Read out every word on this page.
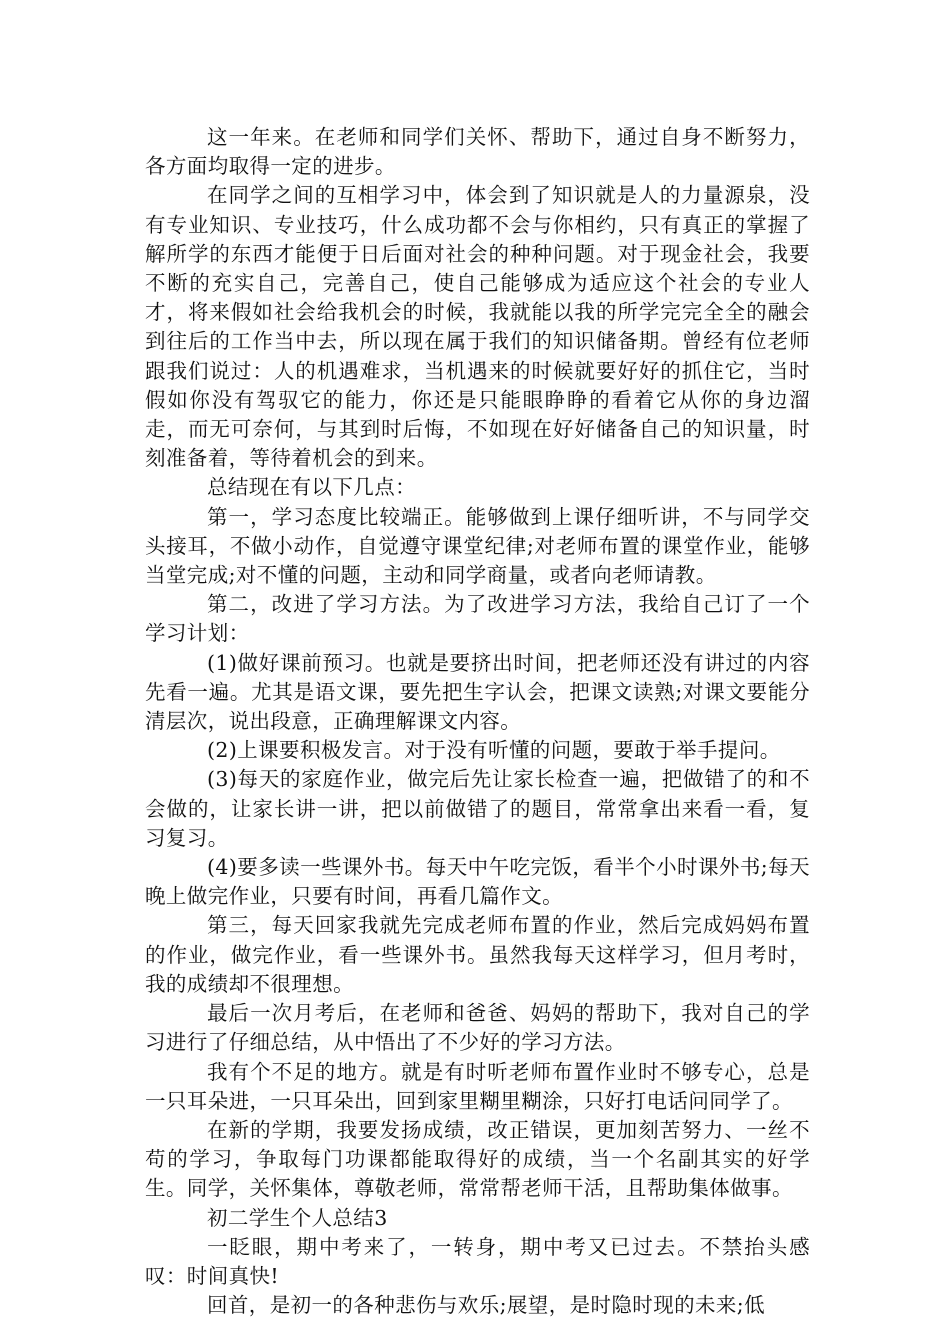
这一年来。在老师和同学们关怀、帮助下，通过自身不断努力，各方面均取得一定的进步。

在同学之间的互相学习中，体会到了知识就是人的力量源泉，没有专业知识、专业技巧，什么成功都不会与你相约，只有真正的掌握了解所学的东西才能便于日后面对社会的种种问题。对于现金社会，我要不断的充实自己，完善自己，使自己能够成为适应这个社会的专业人才，将来假如社会给我机会的时候，我就能以我的所学完完全全的融会到往后的工作当中去，所以现在属于我们的知识储备期。曾经有位老师跟我们说过：人的机遇难求，当机遇来的时候就要好好的抓住它，当时假如你没有驾驭它的能力，你还是只能眼睁睁的看着它从你的身边溜走，而无可奈何，与其到时后悔，不如现在好好储备自己的知识量，时刻准备着，等待着机会的到来。

总结现在有以下几点：

第一，学习态度比较端正。能够做到上课仔细听讲，不与同学交头接耳，不做小动作，自觉遵守课堂纪律;对老师布置的课堂作业，能够当堂完成;对不懂的问题，主动和同学商量，或者向老师请教。

第二，改进了学习方法。为了改进学习方法，我给自己订了一个学习计划：

(1)做好课前预习。也就是要挤出时间，把老师还没有讲过的内容先看一遍。尤其是语文课，要先把生字认会，把课文读熟;对课文要能分清层次，说出段意，正确理解课文内容。

(2)上课要积极发言。对于没有听懂的问题，要敢于举手提问。

(3)每天的家庭作业，做完后先让家长检查一遍，把做错了的和不会做的，让家长讲一讲，把以前做错了的题目，常常拿出来看一看，复习复习。

(4)要多读一些课外书。每天中午吃完饭，看半个小时课外书;每天晚上做完作业，只要有时间，再看几篇作文。

第三，每天回家我就先完成老师布置的作业，然后完成妈妈布置的作业，做完作业，看一些课外书。虽然我每天这样学习，但月考时，我的成绩却不很理想。

最后一次月考后，在老师和爸爸、妈妈的帮助下，我对自己的学习进行了仔细总结，从中悟出了不少好的学习方法。

我有个不足的地方。就是有时听老师布置作业时不够专心，总是一只耳朵进，一只耳朵出，回到家里糊里糊涂，只好打电话问同学了。

在新的学期，我要发扬成绩，改正错误，更加刻苦努力、一丝不苟的学习，争取每门功课都能取得好的成绩，当一个名副其实的好学生。同学，关怀集体，尊敬老师，常常帮老师干活，且帮助集体做事。

初二学生个人总结3

一眨眼，期中考来了，一转身，期中考又已过去。不禁抬头感叹：时间真快!

回首，是初一的各种悲伤与欢乐;展望，是时隐时现的未来;低
